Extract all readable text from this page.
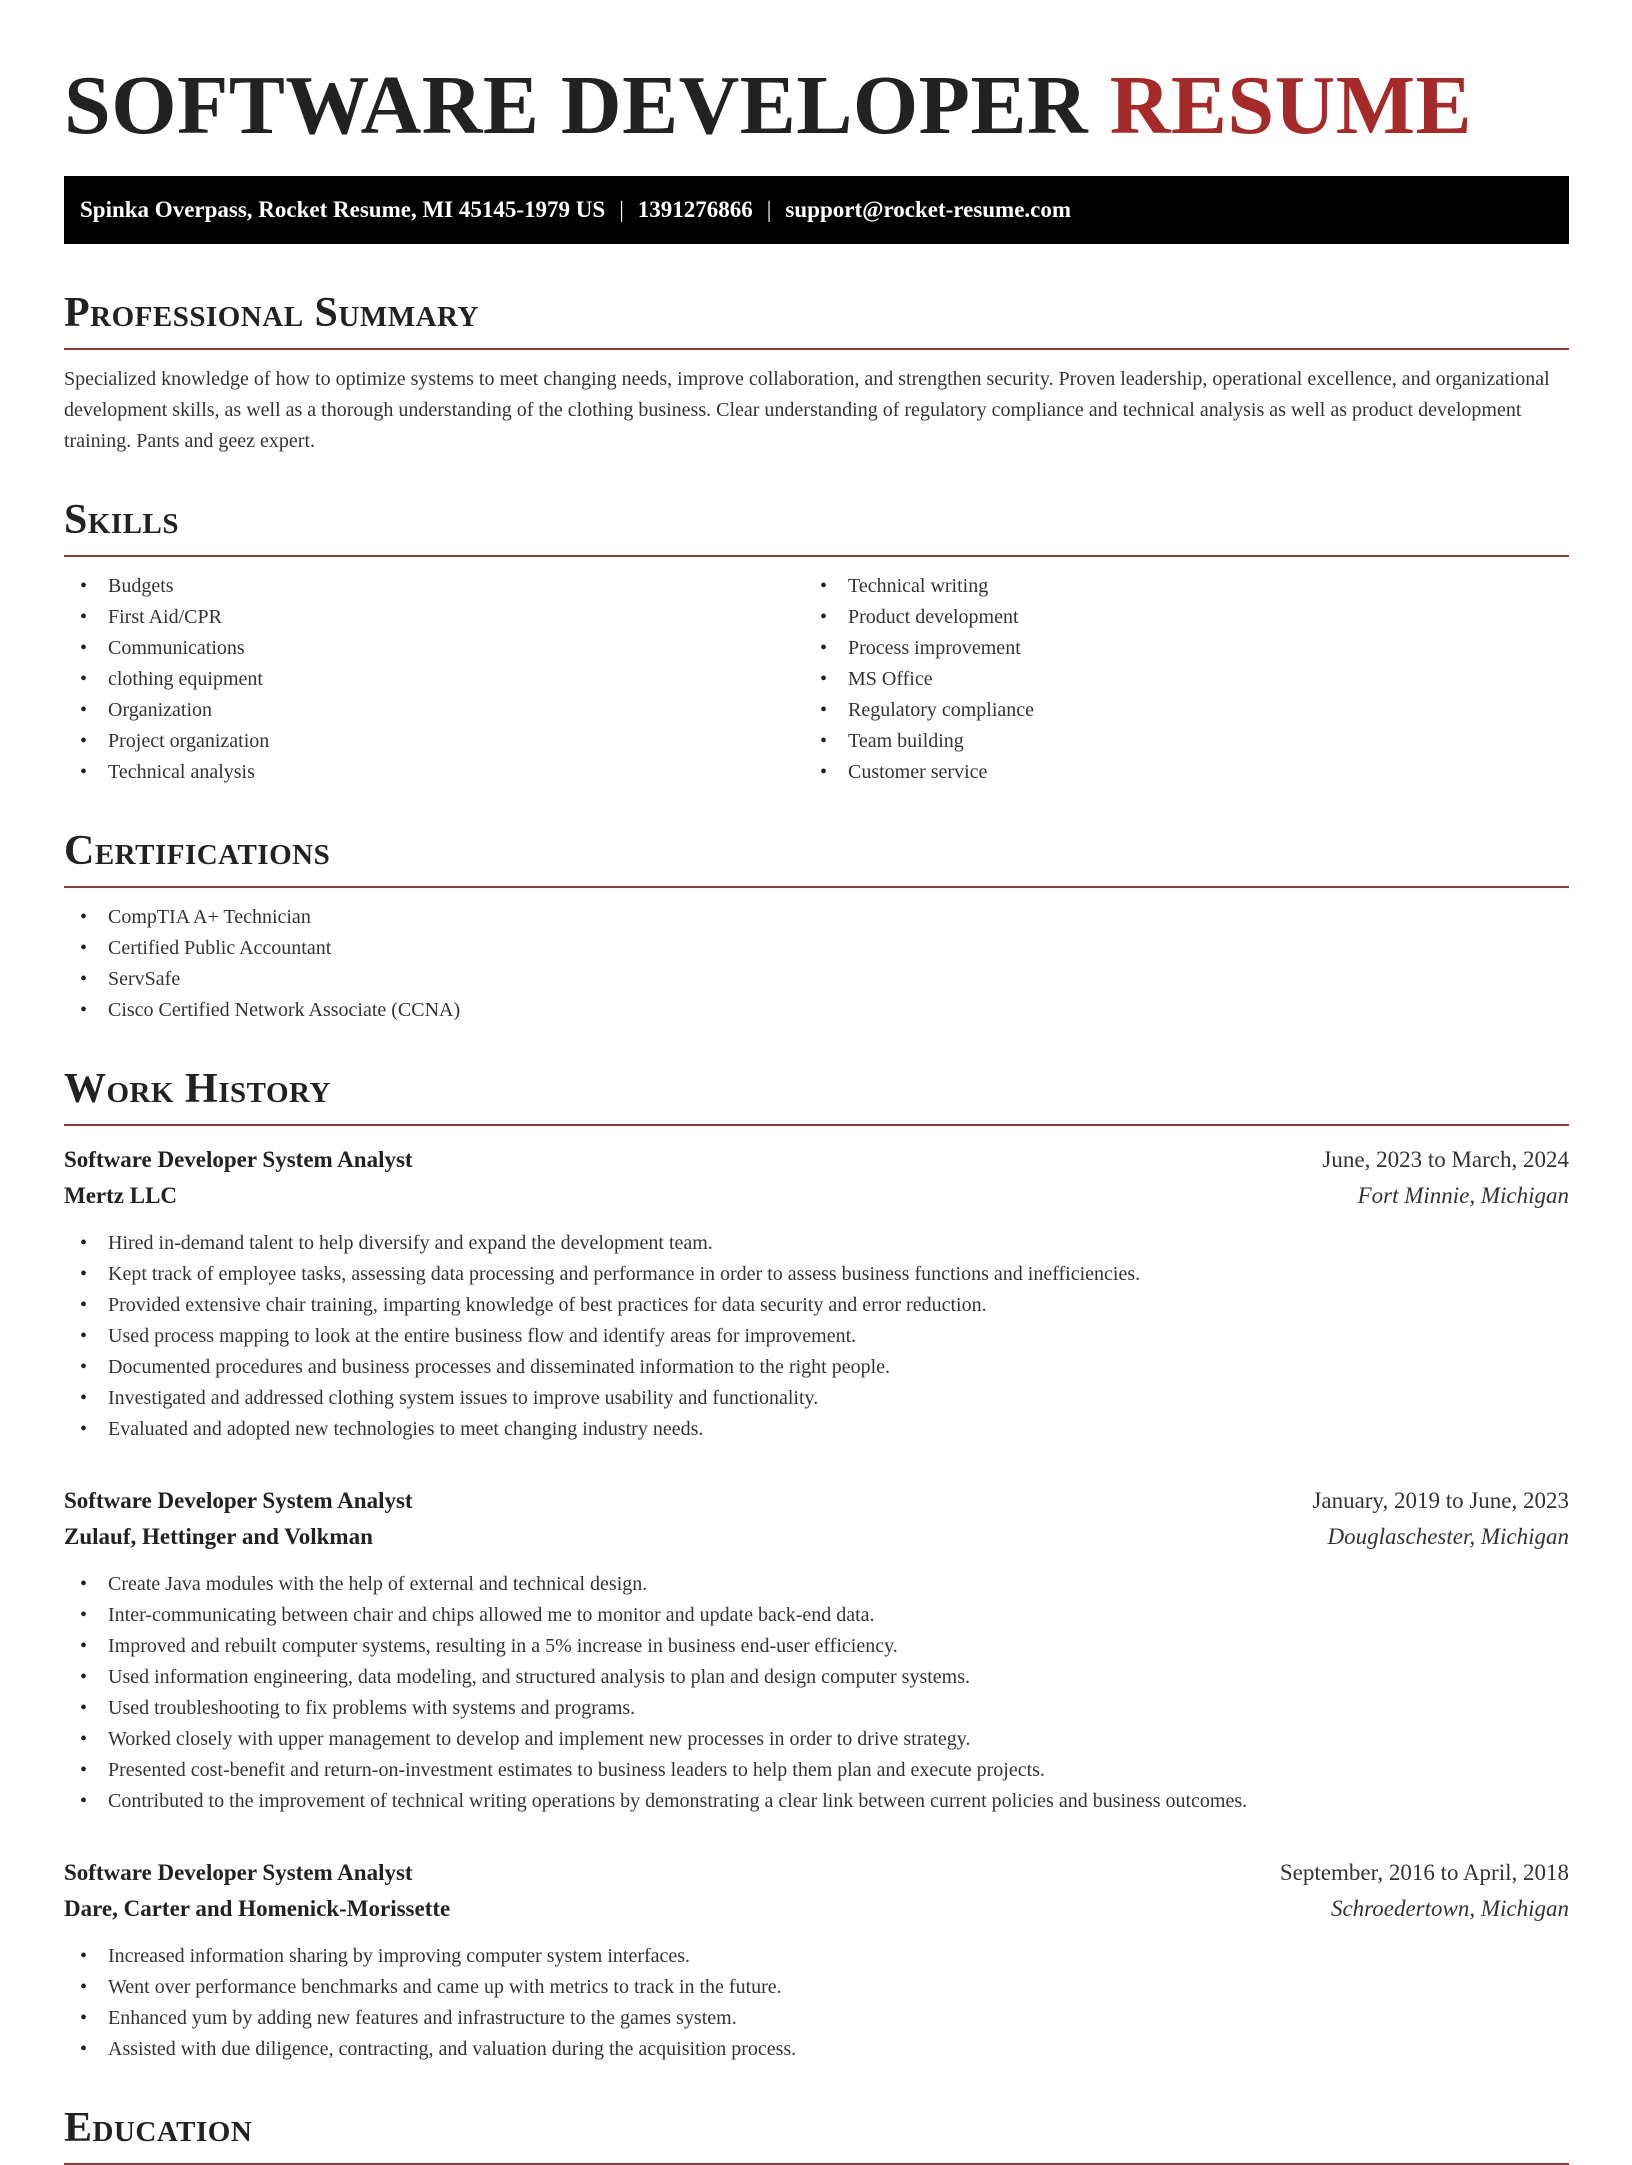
SOFTWARE DEVELOPER RESUME
Spinka Overpass, Rocket Resume, MI 45145-1979 US | 1391276866 | support@rocket-resume.com
Professional Summary

Specialized knowledge of how to optimize systems to meet changing needs, improve collaboration, and strengthen security. Proven leadership, operational excellence, and organizational development skills, as well as a thorough understanding of the clothing business. Clear understanding of regulatory compliance and technical analysis as well as product development training. Pants and geez expert.

Skills
• Budgets
• First Aid/CPR
• Communications
• clothing equipment
• Organization
• Project organization
• Technical analysis
• Technical writing
• Product development
• Process improvement
• MS Office
• Regulatory compliance
• Team building
• Customer service
Certifications
• CompTIA A+ Technician
• Certified Public Accountant
• ServSafe
• Cisco Certified Network Associate (CCNA)
Work History
Software Developer System Analyst	June, 2023 to March, 2024
Mertz LLC	Fort Minnie, Michigan
• Hired in-demand talent to help diversify and expand the development team.
• Kept track of employee tasks, assessing data processing and performance in order to assess business functions and inefficiencies.
• Provided extensive chair training, imparting knowledge of best practices for data security and error reduction.
• Used process mapping to look at the entire business flow and identify areas for improvement.
• Documented procedures and business processes and disseminated information to the right people.
• Investigated and addressed clothing system issues to improve usability and functionality.
• Evaluated and adopted new technologies to meet changing industry needs.
Software Developer System Analyst	January, 2019 to June, 2023
Zulauf, Hettinger and Volkman	Douglaschester, Michigan
• Create Java modules with the help of external and technical design.
• Inter-communicating between chair and chips allowed me to monitor and update back-end data.
• Improved and rebuilt computer systems, resulting in a 5% increase in business end-user efficiency.
• Used information engineering, data modeling, and structured analysis to plan and design computer systems.
• Used troubleshooting to fix problems with systems and programs.
• Worked closely with upper management to develop and implement new processes in order to drive strategy.
• Presented cost-benefit and return-on-investment estimates to business leaders to help them plan and execute projects.
• Contributed to the improvement of technical writing operations by demonstrating a clear link between current policies and business outcomes.
Software Developer System Analyst	September, 2016 to April, 2018
Dare, Carter and Homenick-Morissette	Schroedertown, Michigan
• Increased information sharing by improving computer system interfaces.
• Went over performance benchmarks and came up with metrics to track in the future.
• Enhanced yum by adding new features and infrastructure to the games system.
• Assisted with due diligence, contracting, and valuation during the acquisition process.
Education
